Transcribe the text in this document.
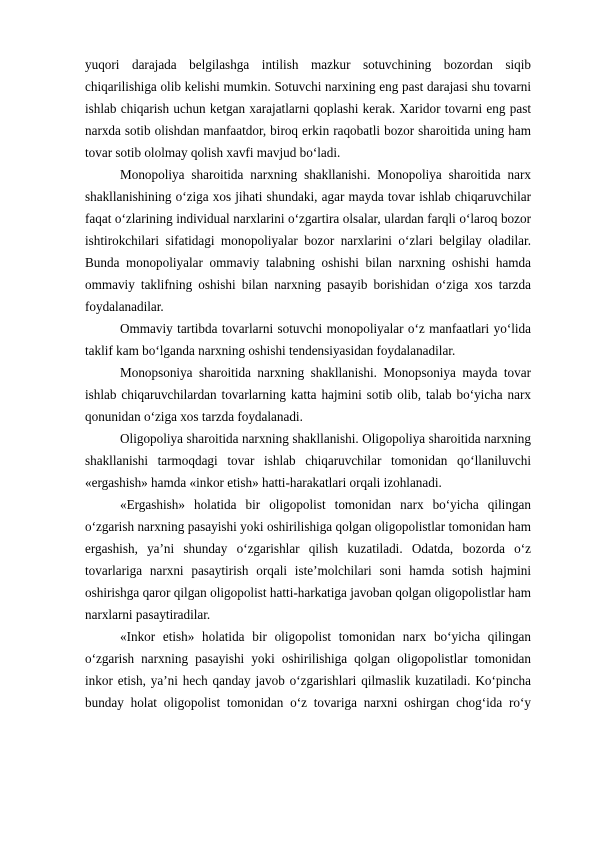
yuqori darajada belgilashga intilish mazkur sotuvchining bozordan siqib chiqarilishiga olib kelishi mumkin. Sotuvchi narxining eng past darajasi shu tovarni ishlab chiqarish uchun ketgan xarajatlarni qoplashi kerak. Xaridor tovarni eng past narxda sotib olishdan manfaatdor, biroq erkin raqobatli bozor sharoitida uning ham tovar sotib ololmay qolish xavfi mavjud bo‘ladi.

Monopoliya sharoitida narxning shakllanishi. Monopoliya sharoitida narx shakllanishining o‘ziga xos jihati shundaki, agar mayda tovar ishlab chiqaruvchilar faqat o‘zlarining individual narxlarini o‘zgartira olsalar, ulardan farqli o‘laroq bozor ishtirokchilari sifatidagi monopoliyalar bozor narxlarini o‘zlari belgilay oladilar. Bunda monopoliyalar ommaviy talabning oshishi bilan narxning oshishi hamda ommaviy taklifning oshishi bilan narxning pasayib borishidan o‘ziga xos tarzda foydalanadilar.

Ommaviy tartibda tovarlarni sotuvchi monopoliyalar o‘z manfaatlari yo‘lida taklif kam bo‘lganda narxning oshishi tendensiyasidan foydalanadilar.

Monopsoniya sharoitida narxning shakllanishi. Monopsoniya mayda tovar ishlab chiqaruvchilardan tovarlarning katta hajmini sotib olib, talab bo‘yicha narx qonunidan o‘ziga xos tarzda foydalanadi.

Oligopoliya sharoitida narxning shakllanishi. Oligopoliya sharoitida narxning shakllanishi tarmoqdagi tovar ishlab chiqaruvchilar tomonidan qo‘llaniluvchi «ergashish» hamda «inkor etish» hatti-harakatlari orqali izohlanadi.

«Ergashish» holatida bir oligopolist tomonidan narx bo‘yicha qilingan o‘zgarish narxning pasayishi yoki oshirilishiga qolgan oligopolistlar tomonidan ham ergashish, ya’ni shunday o‘zgarishlar qilish kuzatiladi. Odatda, bozorda o‘z tovarlariga narxni pasaytirish orqali iste’molchilari soni hamda sotish hajmini oshirishga qaror qilgan oligopolist hatti-harkatiga javoban qolgan oligopolistlar ham narxlarni pasaytiradilar.

«Inkor etish» holatida bir oligopolist tomonidan narx bo‘yicha qilingan o‘zgarish narxning pasayishi yoki oshirilishiga qolgan oligopolistlar tomonidan inkor etish, ya’ni hech qanday javob o‘zgarishlari qilmaslik kuzatiladi. Ko‘pincha bunday holat oligopolist tomonidan o‘z tovariga narxni oshirgan chog‘ida ro‘y
